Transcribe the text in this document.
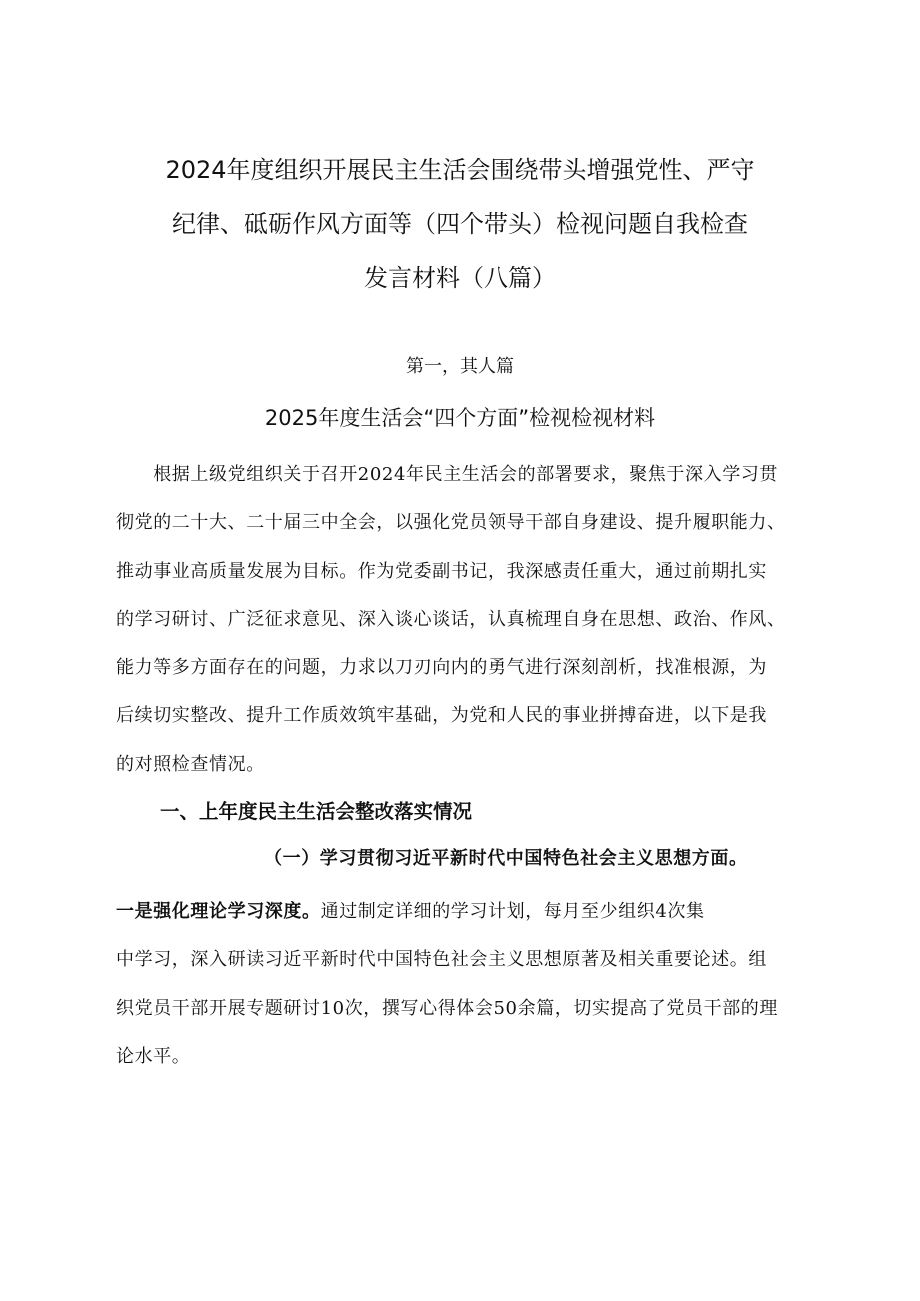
2024年度组织开展民主生活会围绕带头增强党性、严守
纪律、砥砺作风方面等（四个带头）检视问题自我检查
发言材料（八篇）
第一，其人篇
2025年度生活会“四个方面”检视检视材料

　　根据上级党组织关于召开2024年民主生活会的部署要求，聚焦于深入学习贯
彻党的二十大、二十届三中全会，以强化党员领导干部自身建设、提升履职能力、
推动事业高质量发展为目标。作为党委副书记，我深感责任重大，通过前期扎实
的学习研讨、广泛征求意见、深入谈心谈话，认真梳理自身在思想、政治、作风、
能力等多方面存在的问题，力求以刀刃向内的勇气进行深刻剖析，找准根源，为
后续切实整改、提升工作质效筑牢基础，为党和人民的事业拼搏奋进，以下是我
的对照检查情况。

一、上年度民主生活会整改落实情况
（一）学习贯彻习近平新时代中国特色社会主义思想方面。

一是强化理论学习深度。通过制定详细的学习计划，每月至少组织4次集
中学习，深入研读习近平新时代中国特色社会主义思想原著及相关重要论述。组
织党员干部开展专题研讨10次，撰写心得体会50余篇，切实提高了党员干部的理
论水平。
